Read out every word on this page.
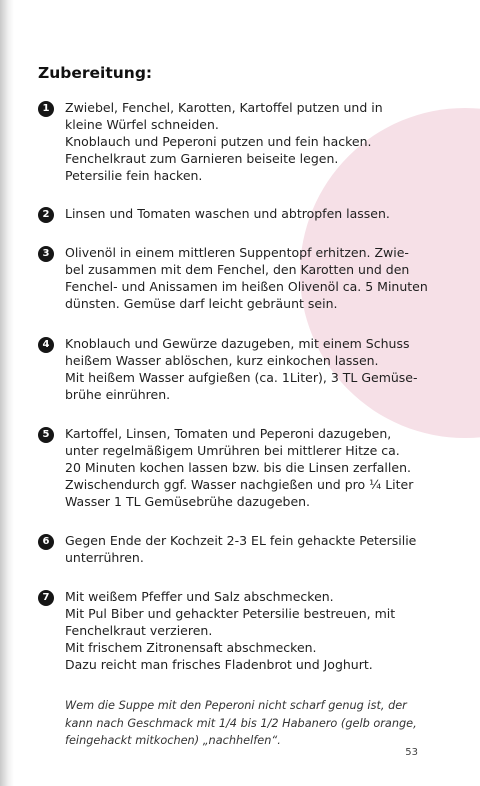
Zubereitung:
1	Zwiebel, Fenchel, Karotten, Kartoffel putzen und in
kleine Würfel schneiden.
Knoblauch und Peperoni putzen und fein hacken.
Fenchelkraut zum Garnieren beiseite legen.
Petersilie fein hacken.
2	Linsen und Tomaten waschen und abtropfen lassen.
3	Olivenöl in einem mittleren Suppentopf erhitzen. Zwie-
bel zusammen mit dem Fenchel, den Karotten und den
Fenchel- und Anissamen im heißen Olivenöl ca. 5 Minuten
dünsten. Gemüse darf leicht gebräunt sein.
4	Knoblauch und Gewürze dazugeben, mit einem Schuss
heißem Wasser ablöschen, kurz einkochen lassen.
Mit heißem Wasser aufgießen (ca. 1Liter), 3 TL Gemüse-
brühe einrühren.
5	Kartoffel, Linsen, Tomaten und Peperoni dazugeben,
unter regelmäßigem Umrühren bei mittlerer Hitze ca.
20 Minuten kochen lassen bzw. bis die Linsen zerfallen.
Zwischendurch ggf. Wasser nachgießen und pro ¼ Liter
Wasser 1 TL Gemüsebrühe dazugeben.
6	Gegen Ende der Kochzeit 2-3 EL fein gehackte Petersilie
unterrühren.
7	Mit weißem Pfeffer und Salz abschmecken.
Mit Pul Biber und gehackter Petersilie bestreuen, mit
Fenchelkraut verzieren.
Mit frischem Zitronensaft abschmecken.
Dazu reicht man frisches Fladenbrot und Joghurt.
Wem die Suppe mit den Peperoni nicht scharf genug ist, der
kann nach Geschmack mit 1/4 bis 1/2 Habanero (gelb orange,
feingehackt mitkochen) „nachhelfen“.
53
